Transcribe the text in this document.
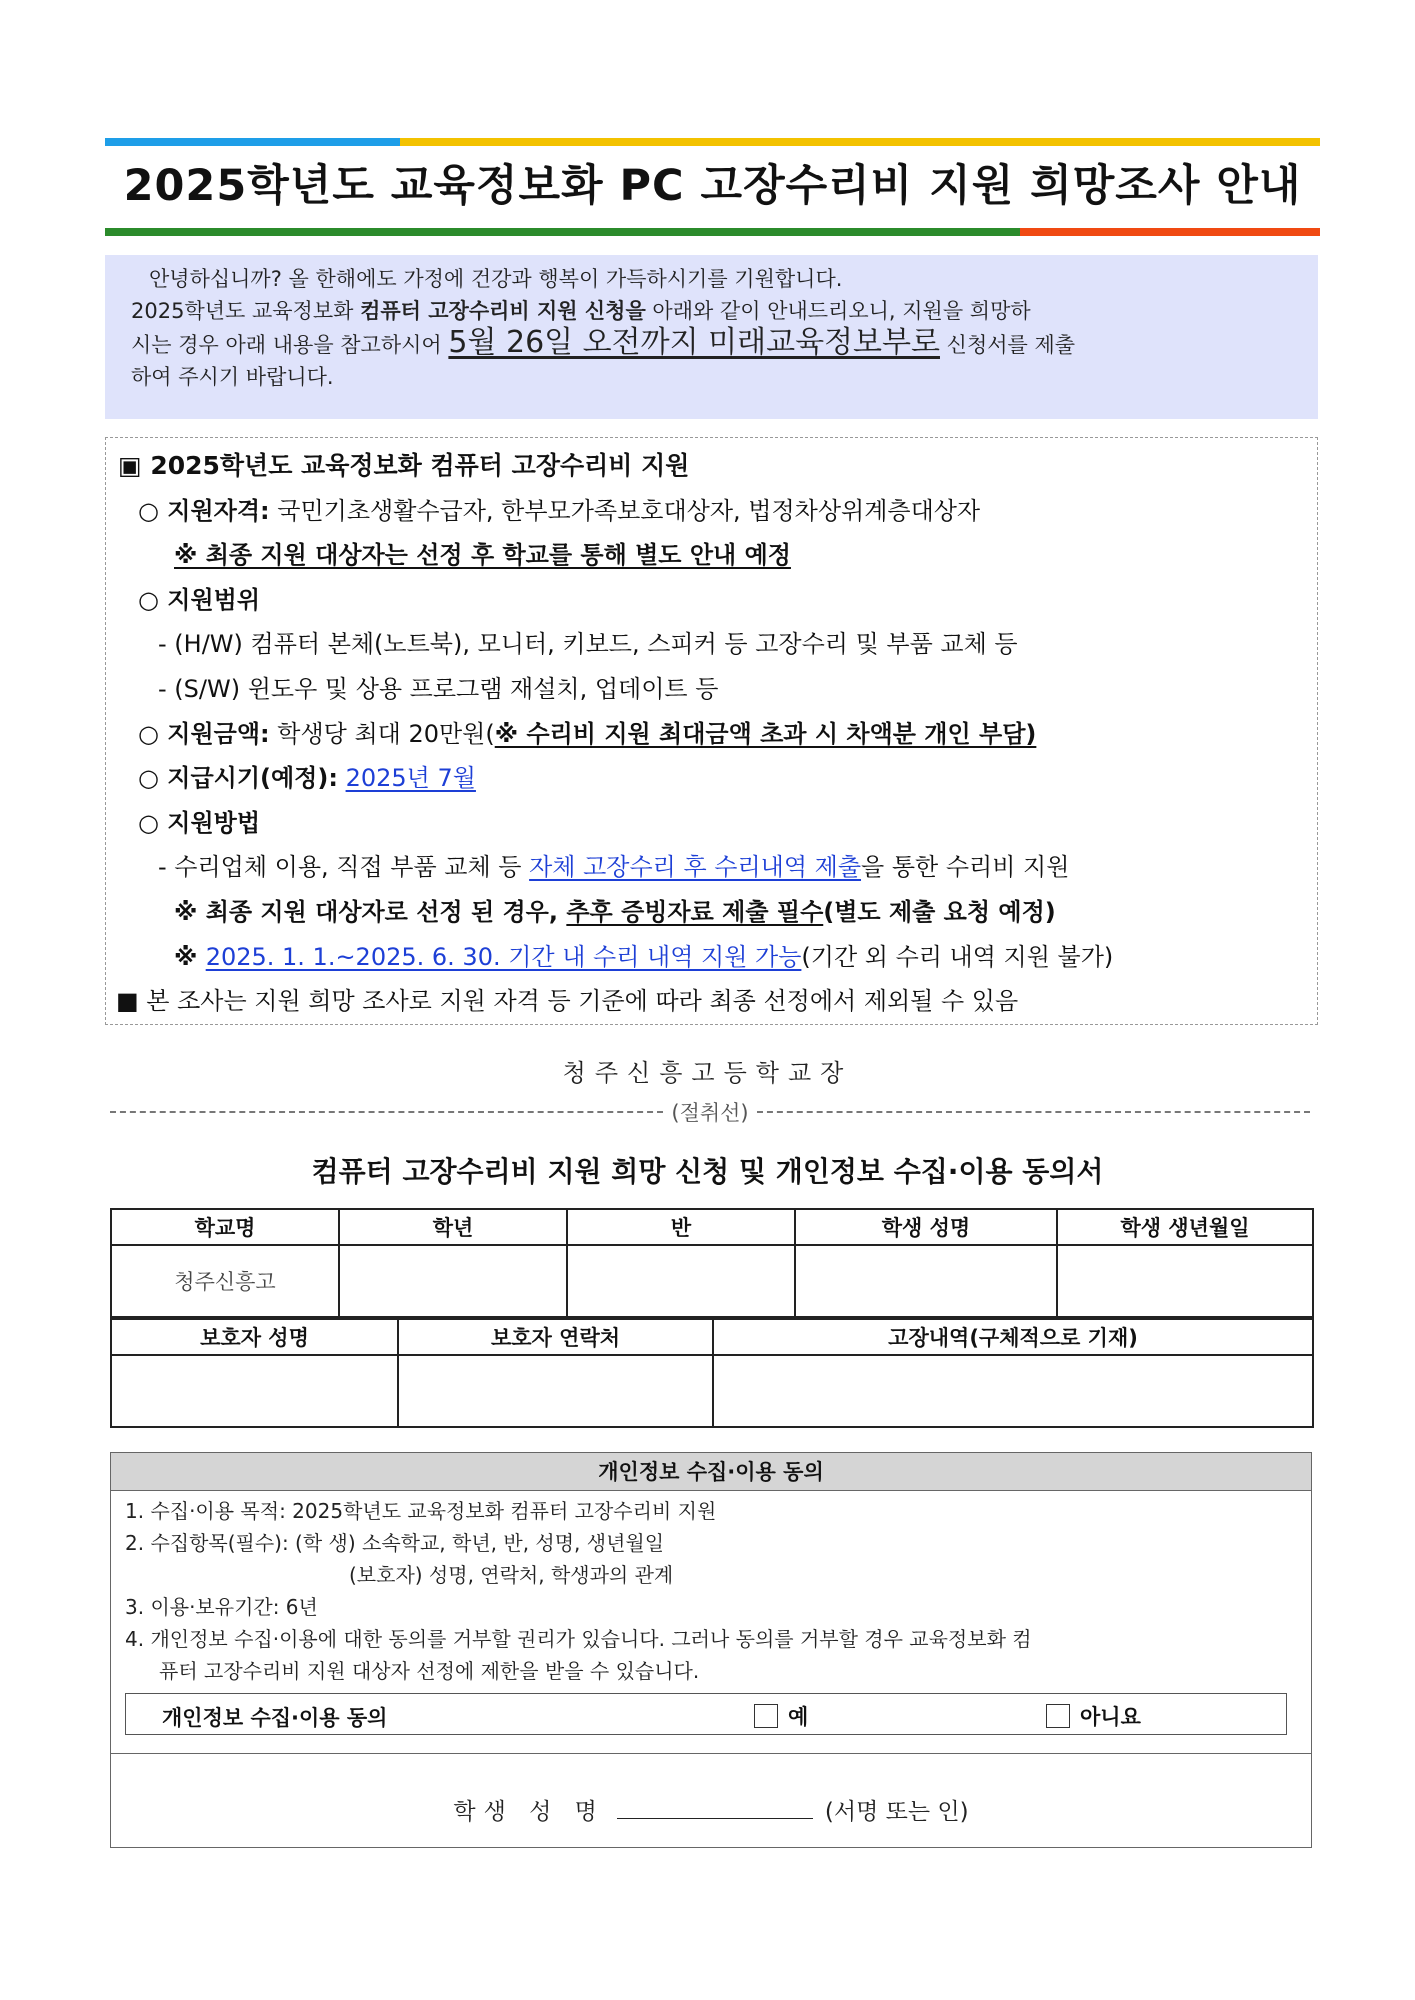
2025학년도 교육정보화 PC 고장수리비 지원 희망조사 안내

안녕하십니까? 올 한해에도 가정에 건강과 행복이 가득하시기를 기원합니다.

2025학년도 교육정보화 컴퓨터 고장수리비 지원 신청을 아래와 같이 안내드리오니, 지원을 희망하

시는 경우 아래 내용을 참고하시어 5월 26일 오전까지 미래교육정보부로 신청서를 제출

하여 주시기 바랍니다.

▣ 2025학년도 교육정보화 컴퓨터 고장수리비 지원

○ 지원자격: 국민기초생활수급자, 한부모가족보호대상자, 법정차상위계층대상자

※ 최종 지원 대상자는 선정 후 학교를 통해 별도 안내 예정

○ 지원범위

- (H/W) 컴퓨터 본체(노트북), 모니터, 키보드, 스피커 등 고장수리 및 부품 교체 등

- (S/W) 윈도우 및 상용 프로그램 재설치, 업데이트 등

○ 지원금액: 학생당 최대 20만원(※ 수리비 지원 최대금액 초과 시 차액분 개인 부담)

○ 지급시기(예정): 2025년 7월

○ 지원방법

- 수리업체 이용, 직접 부품 교체 등 자체 고장수리 후 수리내역 제출을 통한 수리비 지원

※ 최종 지원 대상자로 선정 된 경우, 추후 증빙자료 제출 필수(별도 제출 요청 예정)

※ 2025. 1. 1.~2025. 6. 30. 기간 내 수리 내역 지원 가능(기간 외 수리 내역 지원 불가)

■ 본 조사는 지원 희망 조사로 지원 자격 등 기준에 따라 최종 선정에서 제외될 수 있음

청주신흥고등학교장

(절취선)
컴퓨터 고장수리비 지원 희망 신청 및 개인정보 수집·이용 동의서
학교명	학년	반	학생 성명	학생 생년월일
청주신흥고				
보호자 성명	보호자 연락처	고장내역(구체적으로 기재)

개인정보 수집·이용 동의

1. 수집·이용 목적: 2025학년도 교육정보화 컴퓨터 고장수리비 지원

2. 수집항목(필수): (학 생) 소속학교, 학년, 반, 성명, 생년월일

(보호자) 성명, 연락처, 학생과의 관계

3. 이용·보유기간: 6년

4. 개인정보 수집·이용에 대한 동의를 거부할 권리가 있습니다. 그러나 동의를 거부할 경우 교육정보화 컴

퓨터 고장수리비 지원 대상자 선정에 제한을 받을 수 있습니다.

개인정보 수집·이용 동의	예	아니요

학생 성 명	(서명 또는 인)
